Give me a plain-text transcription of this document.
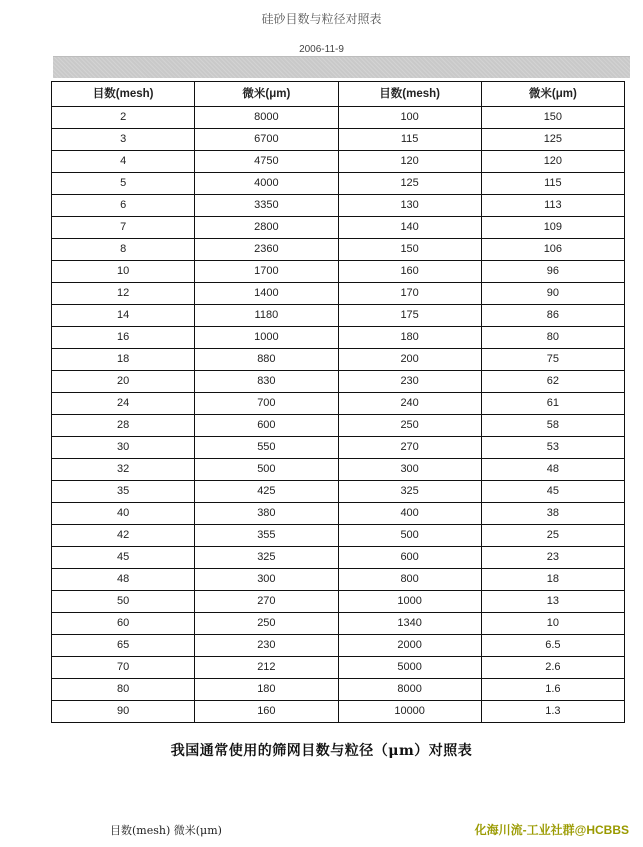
硅砂目数与粒径对照表
2006-11-9
目数(mesh)	微米(μm)	目数(mesh)	微米(μm)
2	8000	100	150
3	6700	115	125
4	4750	120	120
5	4000	125	115
6	3350	130	113
7	2800	140	109
8	2360	150	106
10	1700	160	96
12	1400	170	90
14	1180	175	86
16	1000	180	80
18	880	200	75
20	830	230	62
24	700	240	61
28	600	250	58
30	550	270	53
32	500	300	48
35	425	325	45
40	380	400	38
42	355	500	25
45	325	600	23
48	300	800	18
50	270	1000	13
60	250	1340	10
65	230	2000	6.5
70	212	5000	2.6
80	180	8000	1.6
90	160	10000	1.3
我国通常使用的筛网目数与粒径（μm）对照表
目数(mesh) 微米(μm)	化海川流-工业社群@HCBBS
